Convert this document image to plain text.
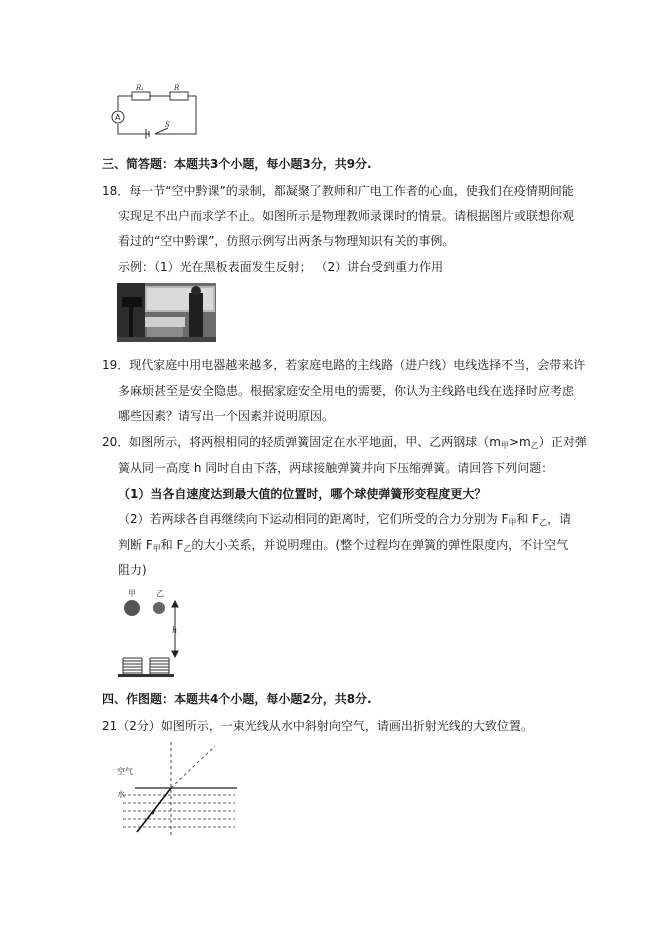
R₁	R
A
S
三、简答题：本题共3个小题，每小题3分，共9分.
18．每一节“空中黔课”的录制，都凝聚了教师和广电工作者的心血，使我们在疫情期间能
实现足不出户而求学不止。如图所示是物理教师录课时的情景。请根据图片或联想你观
看过的“空中黔课”，仿照示例写出两条与物理知识有关的事例。
示例：（1）光在黑板表面发生反射； （2）讲台受到重力作用
19．现代家庭中用电器越来越多，若家庭电路的主线路（进户线）电线选择不当，会带来许
多麻烦甚至是安全隐患。根据家庭安全用电的需要，你认为主线路电线在选择时应考虑
哪些因素？请写出一个因素并说明原因。
20．如图所示，将两根相同的轻质弹簧固定在水平地面，甲、乙两钢球$(m_甲>m_乙)$正对弹
簧从同一高度 h 同时自由下落，两球接触弹簧并向下压缩弹簧。请回答下列问题：
（1）当各自速度达到最大值的位置时，哪个球使弹簧形变程度更大？
（2）若两球各自再继续向下运动相同的距离时，它们所受的合力分别为 $F_甲$和 $F_乙$，请
判断 $F_甲$和 $F_乙$的大小关系，并说明理由。(整个过程均在弹簧的弹性限度内，不计空气
阻力)
甲	乙
h
四、作图题：本题共4个小题，每小题2分，共8分.
21（2分）如图所示，一束光线从水中斜射向空气，请画出折射光线的大致位置。
空气
水
